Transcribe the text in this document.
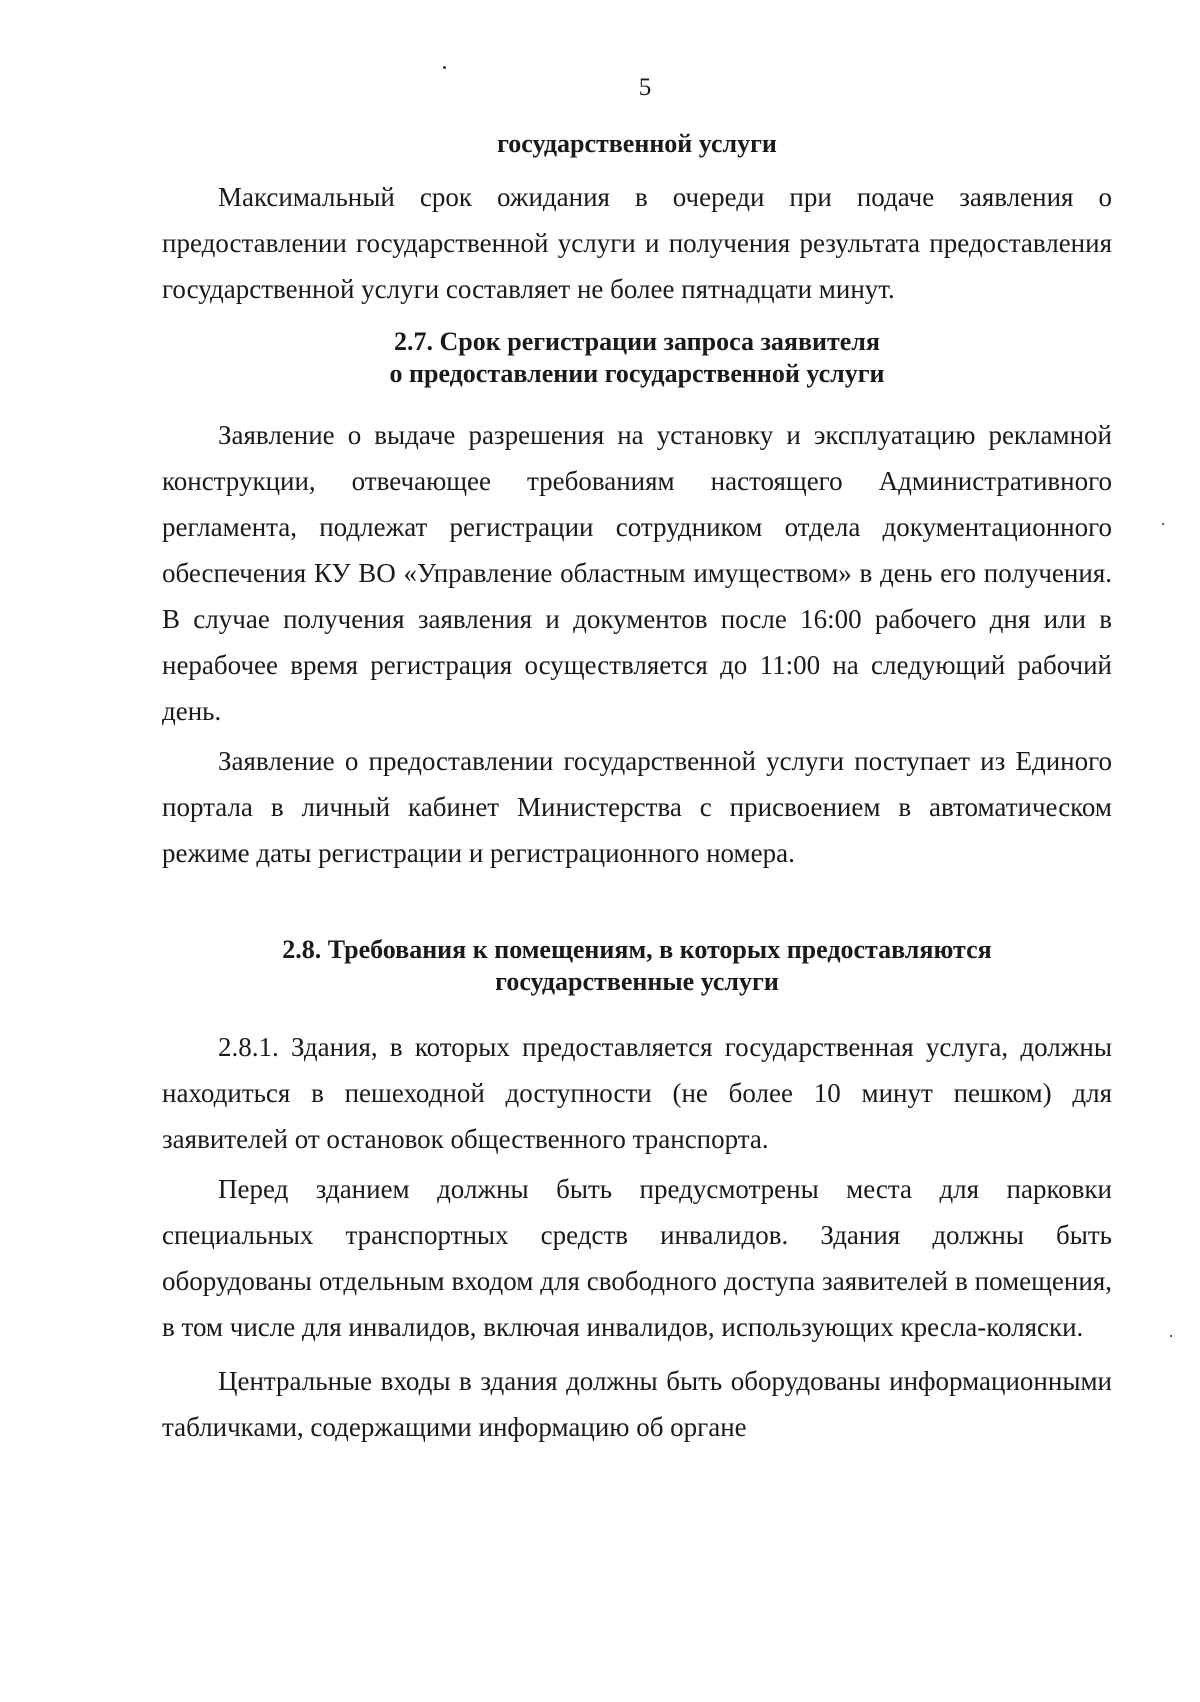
5

государственной услуги

Максимальный срок ожидания в очереди при подаче заявления о предоставлении государственной услуги и получения результата предоставления государственной услуги составляет не более пятнадцати минут.

2.7. Срок регистрации запроса заявителя
о предоставлении государственной услуги

Заявление о выдаче разрешения на установку и эксплуатацию рекламной конструкции, отвечающее требованиям настоящего Административного регламента, подлежат регистрации сотрудником отдела документационного обеспечения КУ ВО «Управление областным имуществом» в день его получения. В случае получения заявления и документов после 16:00 рабочего дня или в нерабочее время регистрация осуществляется до 11:00 на следующий рабочий день.

Заявление о предоставлении государственной услуги поступает из Единого портала в личный кабинет Министерства с присвоением в автоматическом режиме даты регистрации и регистрационного номера.

2.8. Требования к помещениям, в которых предоставляются
государственные услуги

2.8.1. Здания, в которых предоставляется государственная услуга, должны находиться в пешеходной доступности (не более 10 минут пешком) для заявителей от остановок общественного транспорта.

Перед зданием должны быть предусмотрены места для парковки специальных транспортных средств инвалидов. Здания должны быть оборудованы отдельным входом для свободного доступа заявителей в помещения, в том числе для инвалидов, включая инвалидов, использующих кресла-коляски.

Центральные входы в здания должны быть оборудованы информационными табличками, содержащими информацию об органе
